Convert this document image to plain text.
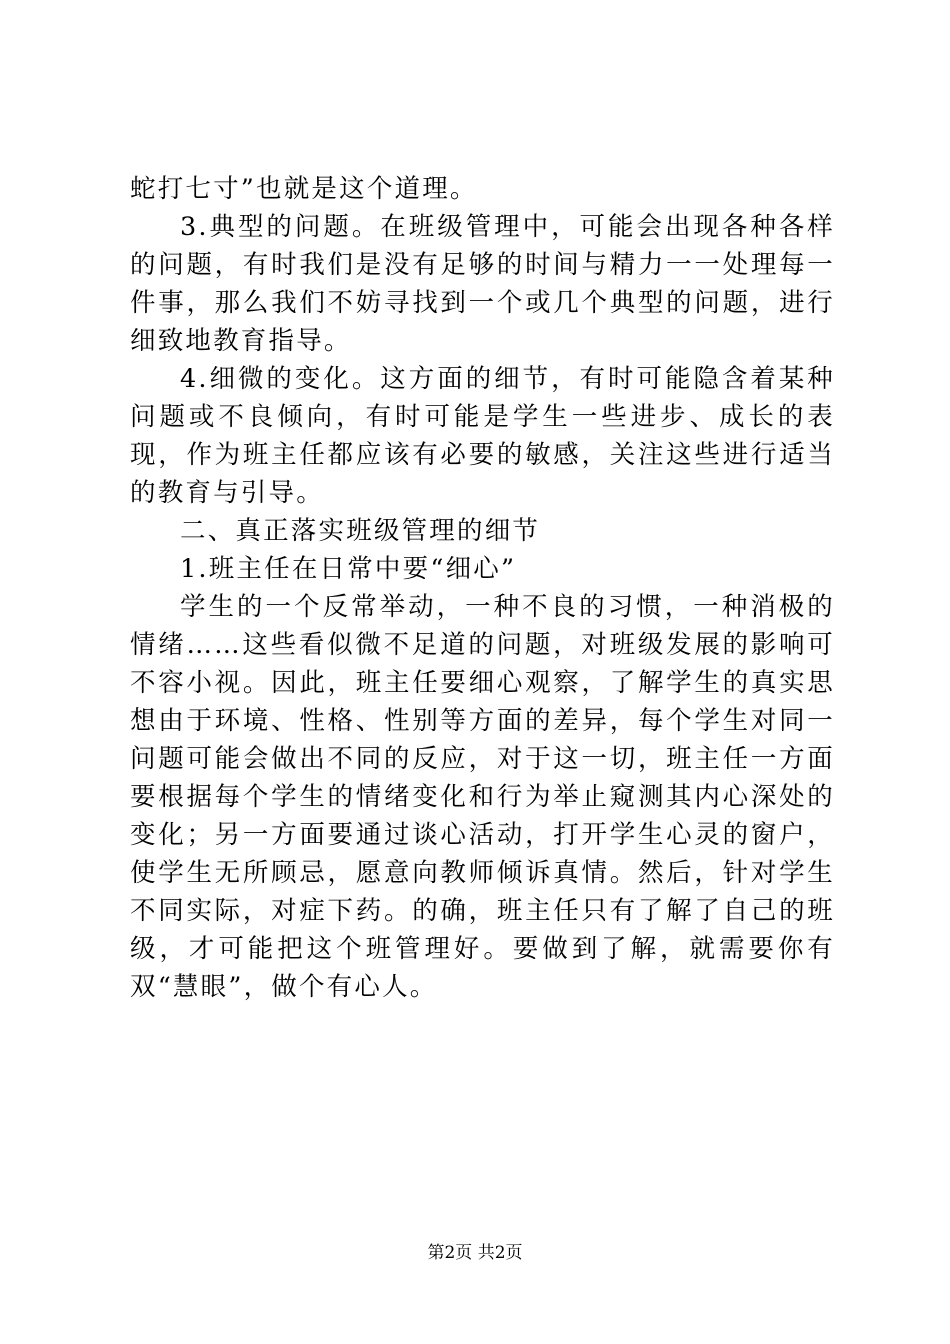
蛇打七寸”也就是这个道理。

3.典型的问题。在班级管理中，可能会出现各种各样的问题，有时我们是没有足够的时间与精力一一处理每一件事，那么我们不妨寻找到一个或几个典型的问题，进行细致地教育指导。

4.细微的变化。这方面的细节，有时可能隐含着某种问题或不良倾向，有时可能是学生一些进步、成长的表现，作为班主任都应该有必要的敏感，关注这些进行适当的教育与引导。

二、真正落实班级管理的细节

1.班主任在日常中要“细心”

学生的一个反常举动，一种不良的习惯，一种消极的情绪……这些看似微不足道的问题，对班级发展的影响可不容小视。因此，班主任要细心观察，了解学生的真实思想由于环境、性格、性别等方面的差异，每个学生对同一问题可能会做出不同的反应，对于这一切，班主任一方面要根据每个学生的情绪变化和行为举止窥测其内心深处的变化；另一方面要通过谈心活动，打开学生心灵的窗户，使学生无所顾忌，愿意向教师倾诉真情。然后，针对学生不同实际，对症下药。的确，班主任只有了解了自己的班级，才可能把这个班管理好。要做到了解，就需要你有双“慧眼”，做个有心人。

第2页 共2页
